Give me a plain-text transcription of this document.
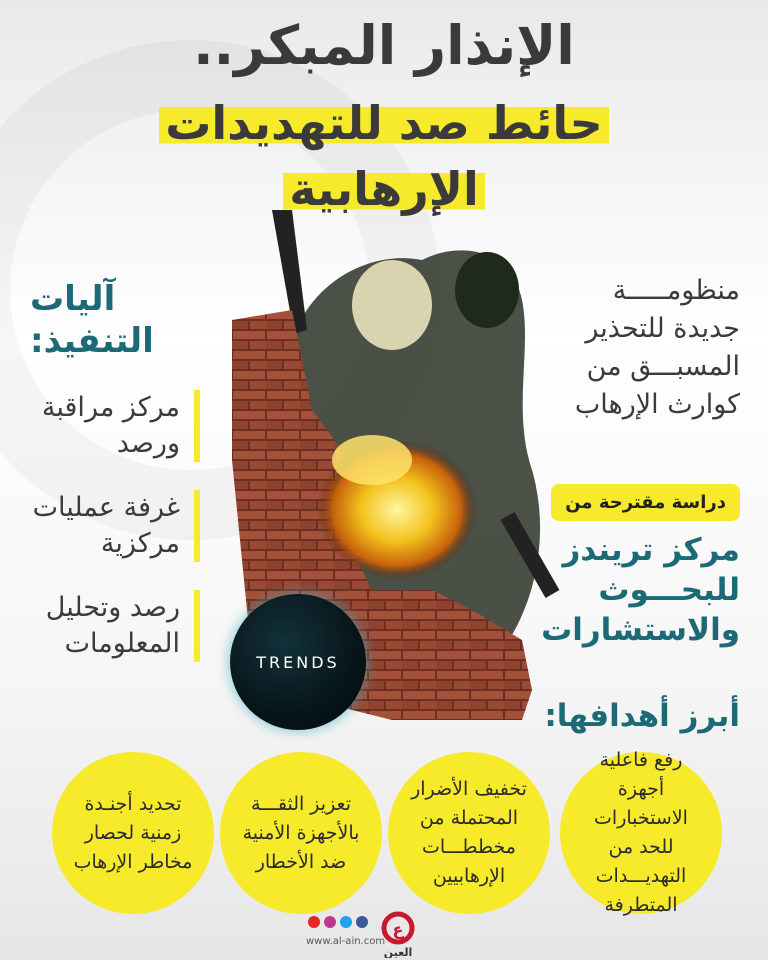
الإنذار المبكر..
حائط صد للتهديدات
الإرهابية
آليات التنفيذ:
مركز مراقبة ورصد
غرفة عمليات مركزية
رصد وتحليل المعلومات
منظومـــــة جديدة للتحذير المسبـــق من كوارث الإرهاب
دراسة مقترحة من
مركز تريندز للبحـــوث والاستشارات
TRENDS
أبرز أهدافها:
رفع فاعلية أجهزة الاستخبارات للحد من التهديـــدات المتطرفة
تخفيف الأضرار المحتملة من مخططـــات الإرهابيين
تعزيز الثقـــة بالأجهزة الأمنية ضد الأخطار
تحديد أجنـدة زمنية لحصار مخاطر الإرهاب
www.al-ain.com
ع
العين
